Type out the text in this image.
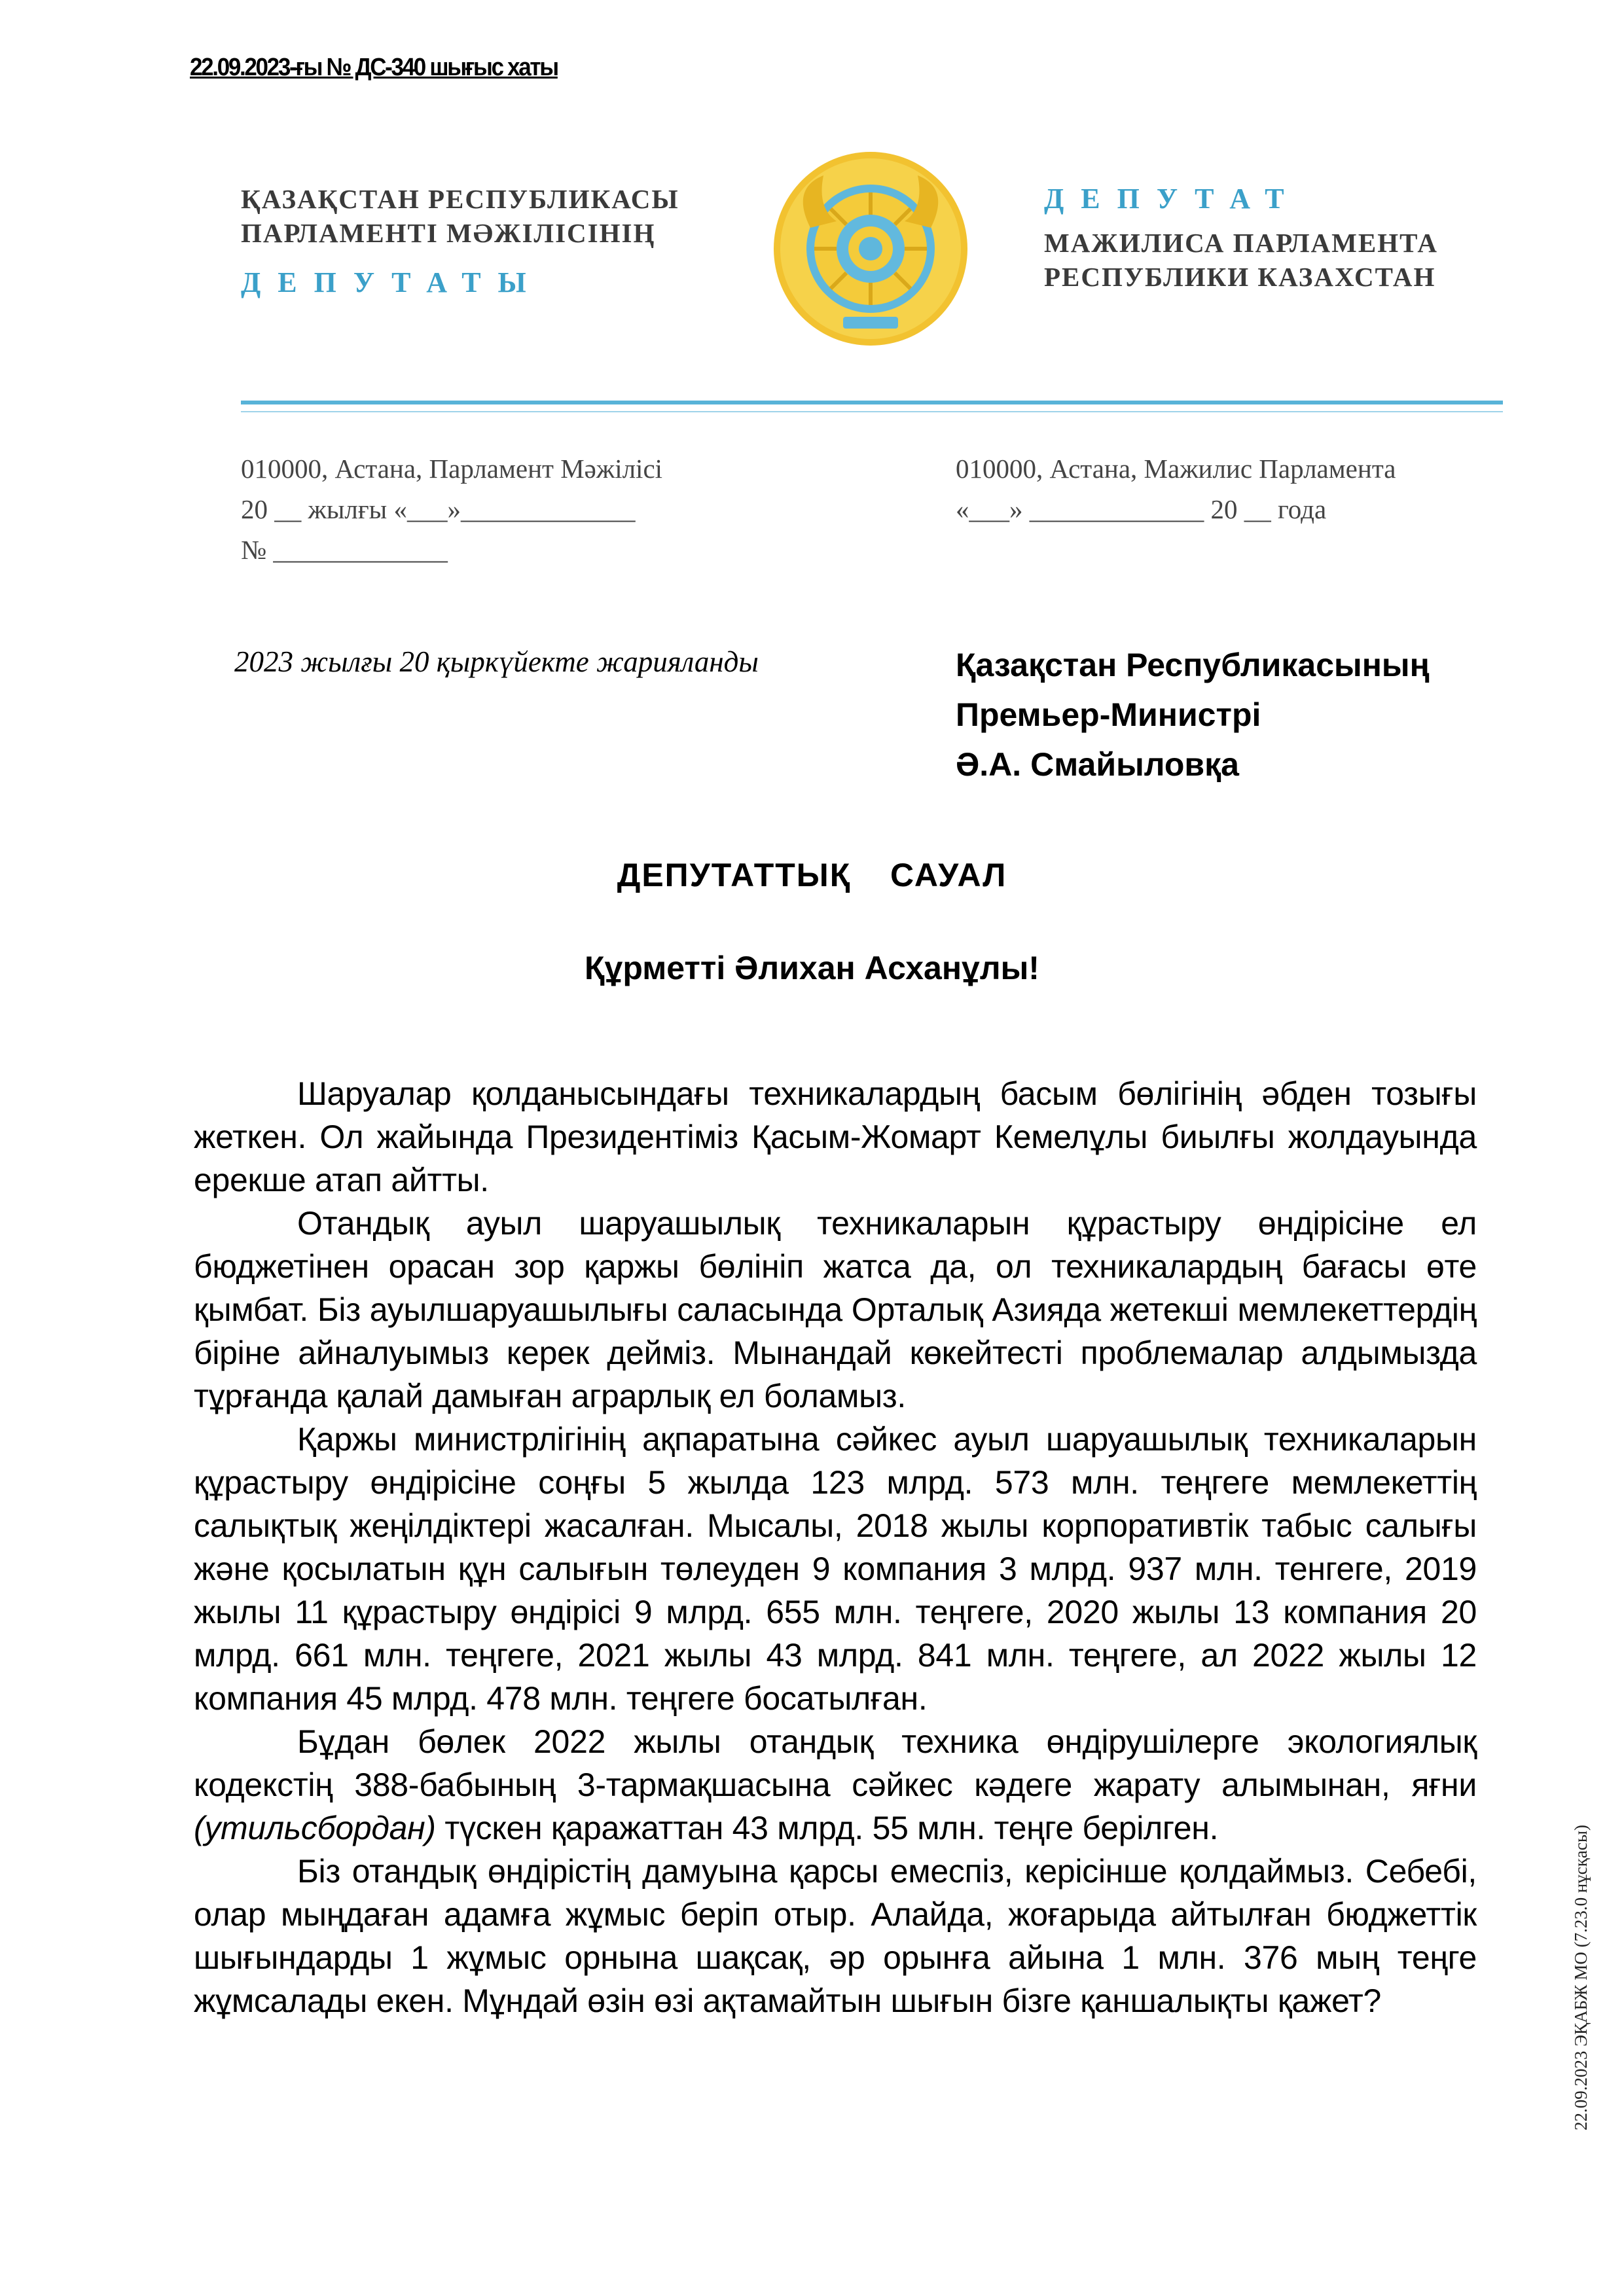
22.09.2023-ғы № ДС-340 шығыс хаты
ҚАЗАҚСТАН РЕСПУБЛИКАСЫ
ПАРЛАМЕНТІ МӘЖІЛІСІНІҢ
ДЕПУТАТЫ
ДЕПУТАТ
МАЖИЛИСА ПАРЛАМЕНТА
РЕСПУБЛИКИ КАЗАХСТАН
010000, Астана, Парламент Мәжілісі
20 __ жылғы «___»_____________
№ _____________
010000, Астана, Мажилис Парламента
«___» _____________ 20 __ года
2023 жылғы 20 қыркүйекте жарияланды	Қазақстан Республикасының
Премьер-Министрі
Ә.А. Смайыловқа
ДЕПУТАТТЫҚ  САУАЛ
Құрметті Әлихан Асханұлы!

Шаруалар қолданысындағы техникалардың басым бөлігінің әбден тозығы жеткен. Ол жайында Президентіміз Қасым-Жомарт Кемелұлы биылғы жолдауында ерекше атап айтты.

Отандық ауыл шаруашылық техникаларын құрастыру өндірісіне ел бюджетінен орасан зор қаржы бөлініп жатса да, ол техникалардың бағасы өте қымбат. Біз ауылшаруашылығы саласында Орталық Азияда жетекші мемлекеттердің біріне айналуымыз керек дейміз. Мынандай көкейтесті проблемалар алдымызда тұрғанда қалай дамыған аграрлық ел боламыз.

Қаржы министрлігінің ақпаратына сәйкес ауыл шаруашылық техникаларын құрастыру өндірісіне соңғы 5 жылда 123 млрд. 573 млн. теңгеге мемлекеттің салықтық жеңілдіктері жасалған. Мысалы, 2018 жылы корпоративтік табыс салығы және қосылатын құн салығын төлеуден 9 компания 3 млрд. 937 млн. тенгеге, 2019 жылы 11 құрастыру өндірісі 9 млрд. 655 млн. теңгеге, 2020 жылы 13 компания 20 млрд. 661 млн. теңгеге, 2021 жылы 43 млрд. 841 млн. теңгеге, ал 2022 жылы 12 компания 45 млрд. 478 млн. теңгеге босатылған.

Бұдан бөлек 2022 жылы отандық техника өндірушілерге экологиялық кодекстің 388-бабының 3-тармақшасына сәйкес кәдеге жарату алымынан, яғни (утильсбордан) түскен қаражаттан 43 млрд. 55 млн. теңге берілген.

Біз отандық өндірістің дамуына қарсы емеспіз, керісінше қолдаймыз. Себебі, олар мыңдаған адамға жұмыс беріп отыр. Алайда, жоғарыда айтылған бюджеттік шығындарды 1 жұмыс орнына шақсақ, әр орынға айына 1 млн. 376 мың теңге жұмсалады екен. Мұндай өзін өзі ақтамайтын шығын бізге қаншалықты қажет?	22.09.2023 ЭҚАБЖ МО (7.23.0 нұсқасы)
